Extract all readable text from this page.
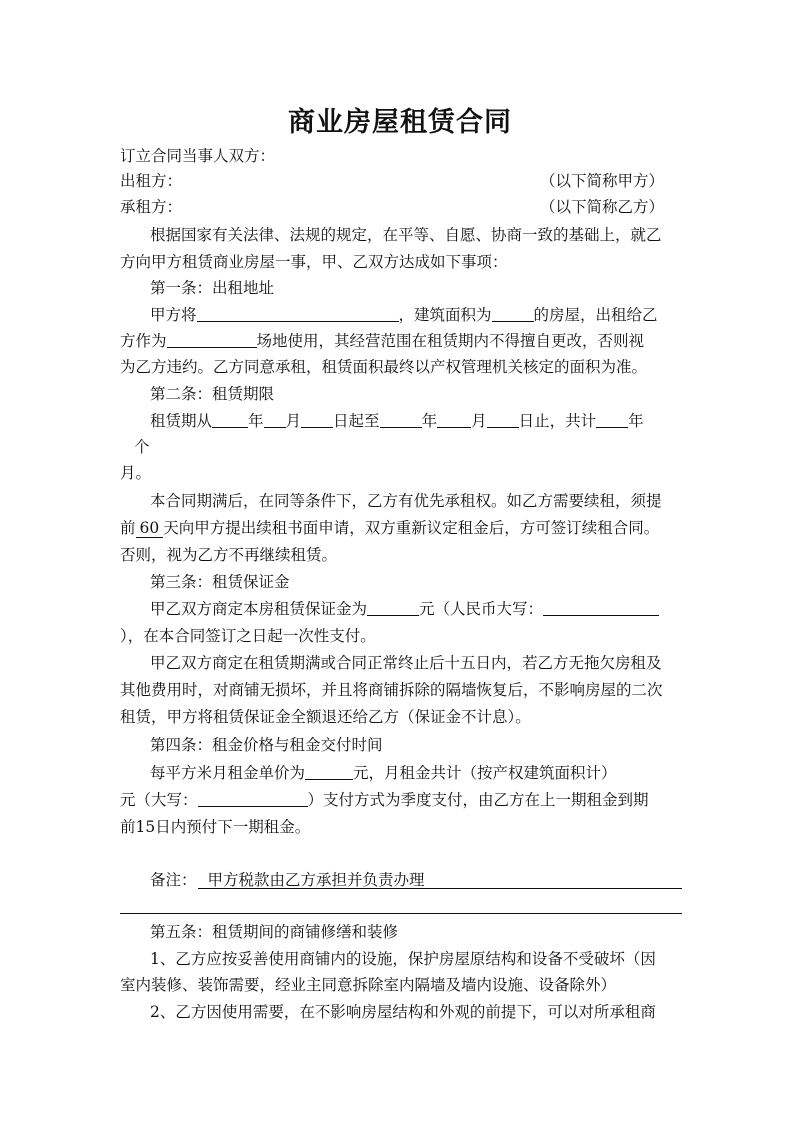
商业房屋租赁合同
订立合同当事人双方：
出租方：	（以下简称甲方）
承租方：	（以下简称乙方）
根据国家有关法律、法规的规定，在平等、自愿、协商一致的基础上，就乙
方向甲方租赁商业房屋一事，甲、乙双方达成如下事项：
第一条：出租地址
甲方将	，建筑面积为	的房屋，出租给乙
方作为	场地使用，其经营范围在租赁期内不得擅自更改，否则视
为乙方违约。乙方同意承租，租赁面积最终以产权管理机关核定的面积为准。
第二条：租赁期限
租赁期从 年 月 日起至	年 月 日止，共计 年
个
月。
本合同期满后，在同等条件下，乙方有优先承租权。如乙方需要续租，须提
前 60 天向甲方提出续租书面申请，双方重新议定租金后，方可签订续租合同。
否则，视为乙方不再继续租赁。
第三条：租赁保证金
甲乙双方商定本房租赁保证金为	元（人民币大写：
），在本合同签订之日起一次性支付。
甲乙双方商定在租赁期满或合同正常终止后十五日内，若乙方无拖欠房租及
其他费用时，对商铺无损坏，并且将商铺拆除的隔墙恢复后，不影响房屋的二次
租赁，甲方将租赁保证金全额退还给乙方（保证金不计息）。
第四条：租金价格与租金交付时间
每平方米月租金单价为	元，月租金共计（按产权建筑面积计）
元（大写：	）支付方式为季度支付，由乙方在上一期租金到期
前15日内预付下一期租金。
备注： 甲方税款由乙方承担并负责办理
第五条：租赁期间的商铺修缮和装修
1、乙方应按妥善使用商铺内的设施，保护房屋原结构和设备不受破坏（因
室内装修、装饰需要，经业主同意拆除室内隔墙及墙内设施、设备除外）
2、乙方因使用需要，在不影响房屋结构和外观的前提下，可以对所承租商
